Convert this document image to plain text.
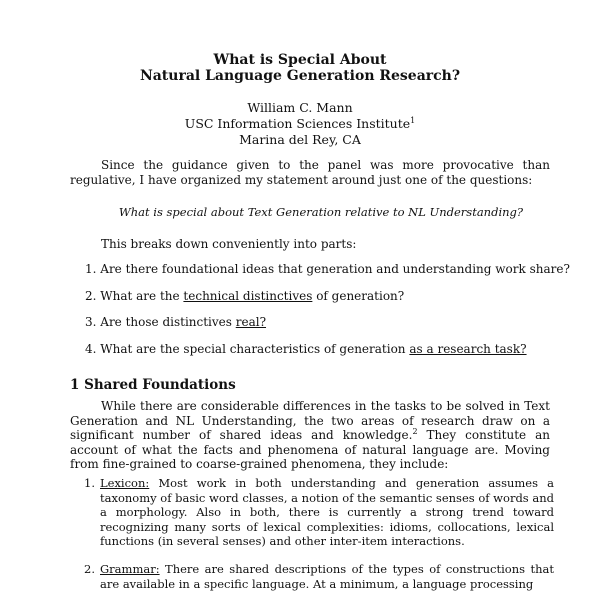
What is Special About
Natural Language Generation Research?
William C. Mann
USC Information Sciences Institute$^1$
Marina del Rey, CA
Since the guidance given to the panel was more provocative than regulative, I have organized my statement around just one of the questions:
What is special about Text Generation relative to NL Understanding?
This breaks down conveniently into parts:
1. Are there foundational ideas that generation and understanding work share?
2. What are the technical distinctives of generation?
3. Are those distinctives real?
4. What are the special characteristics of generation as a research task?
1 Shared Foundations
While there are considerable differences in the tasks to be solved in Text Generation and NL Understanding, the two areas of research draw on a significant number of shared ideas and knowledge.$^2$ They constitute an account of what the facts and phenomena of natural language are. Moving from fine-grained to coarse-grained phenomena, they include:
1. Lexicon: Most work in both understanding and generation assumes a taxonomy of basic word classes, a notion of the semantic senses of words and a morphology. Also in both, there is currently a strong trend toward recognizing many sorts of lexical complexities: idioms, collocations, lexical functions (in several senses) and other inter-item interactions.
2. Grammar: There are shared descriptions of the types of constructions that are available in a specific language. At a minimum, a language processing
